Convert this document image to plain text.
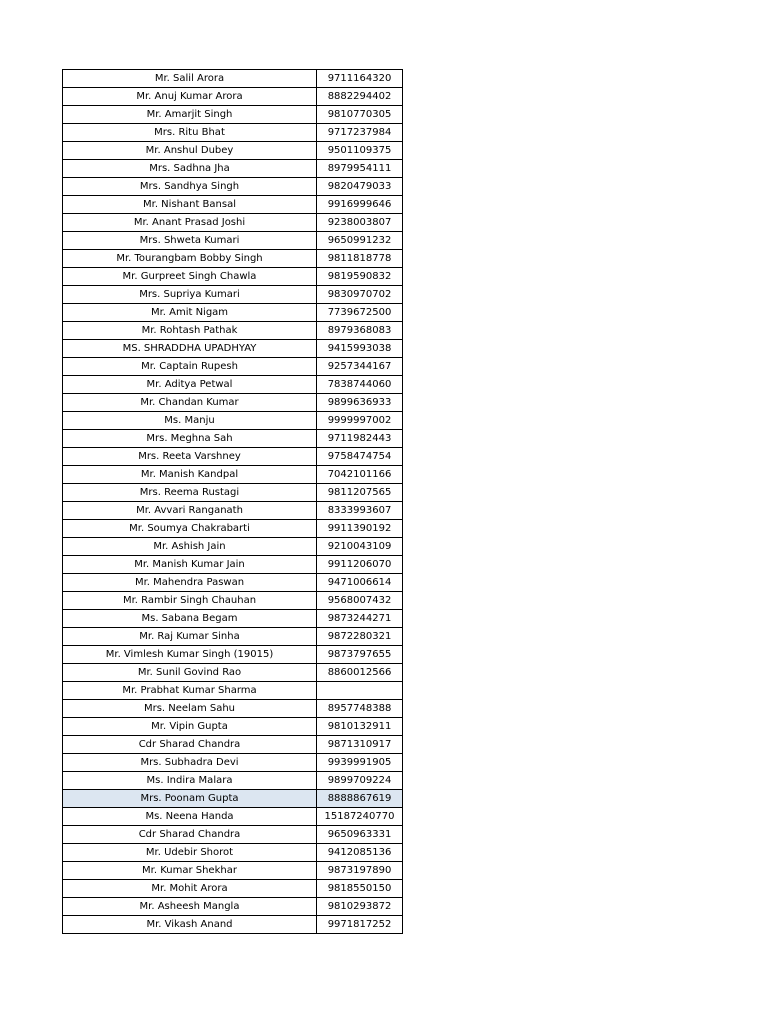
Mr. Salil Arora	9711164320
Mr. Anuj Kumar Arora	8882294402
Mr. Amarjit Singh	9810770305
Mrs. Ritu Bhat	9717237984
Mr. Anshul Dubey	9501109375
Mrs. Sadhna Jha	8979954111
Mrs. Sandhya Singh	9820479033
Mr. Nishant Bansal	9916999646
Mr. Anant Prasad Joshi	9238003807
Mrs. Shweta Kumari	9650991232
Mr. Tourangbam Bobby Singh	9811818778
Mr. Gurpreet Singh Chawla	9819590832
Mrs. Supriya Kumari	9830970702
Mr. Amit Nigam	7739672500
Mr. Rohtash Pathak	8979368083
MS. SHRADDHA UPADHYAY	9415993038
Mr. Captain Rupesh	9257344167
Mr. Aditya Petwal	7838744060
Mr. Chandan Kumar	9899636933
Ms. Manju	9999997002
Mrs. Meghna Sah	9711982443
Mrs. Reeta Varshney	9758474754
Mr. Manish Kandpal	7042101166
Mrs. Reema Rustagi	9811207565
Mr. Avvari Ranganath	8333993607
Mr. Soumya Chakrabarti	9911390192
Mr. Ashish Jain	9210043109
Mr. Manish Kumar Jain	9911206070
Mr. Mahendra Paswan	9471006614
Mr. Rambir Singh Chauhan	9568007432
Ms. Sabana Begam	9873244271
Mr. Raj Kumar Sinha	9872280321
Mr. Vimlesh Kumar Singh (19015)	9873797655
Mr. Sunil Govind Rao	8860012566
Mr. Prabhat Kumar Sharma	
Mrs. Neelam Sahu	8957748388
Mr. Vipin Gupta	9810132911
Cdr Sharad Chandra	9871310917
Mrs. Subhadra Devi	9939991905
Ms. Indira Malara	9899709224
Mrs. Poonam Gupta	8888867619
Ms. Neena Handa	15187240770
Cdr Sharad Chandra	9650963331
Mr. Udebir Shorot	9412085136
Mr. Kumar Shekhar	9873197890
Mr. Mohit Arora	9818550150
Mr. Asheesh Mangla	9810293872
Mr. Vikash Anand	9971817252
